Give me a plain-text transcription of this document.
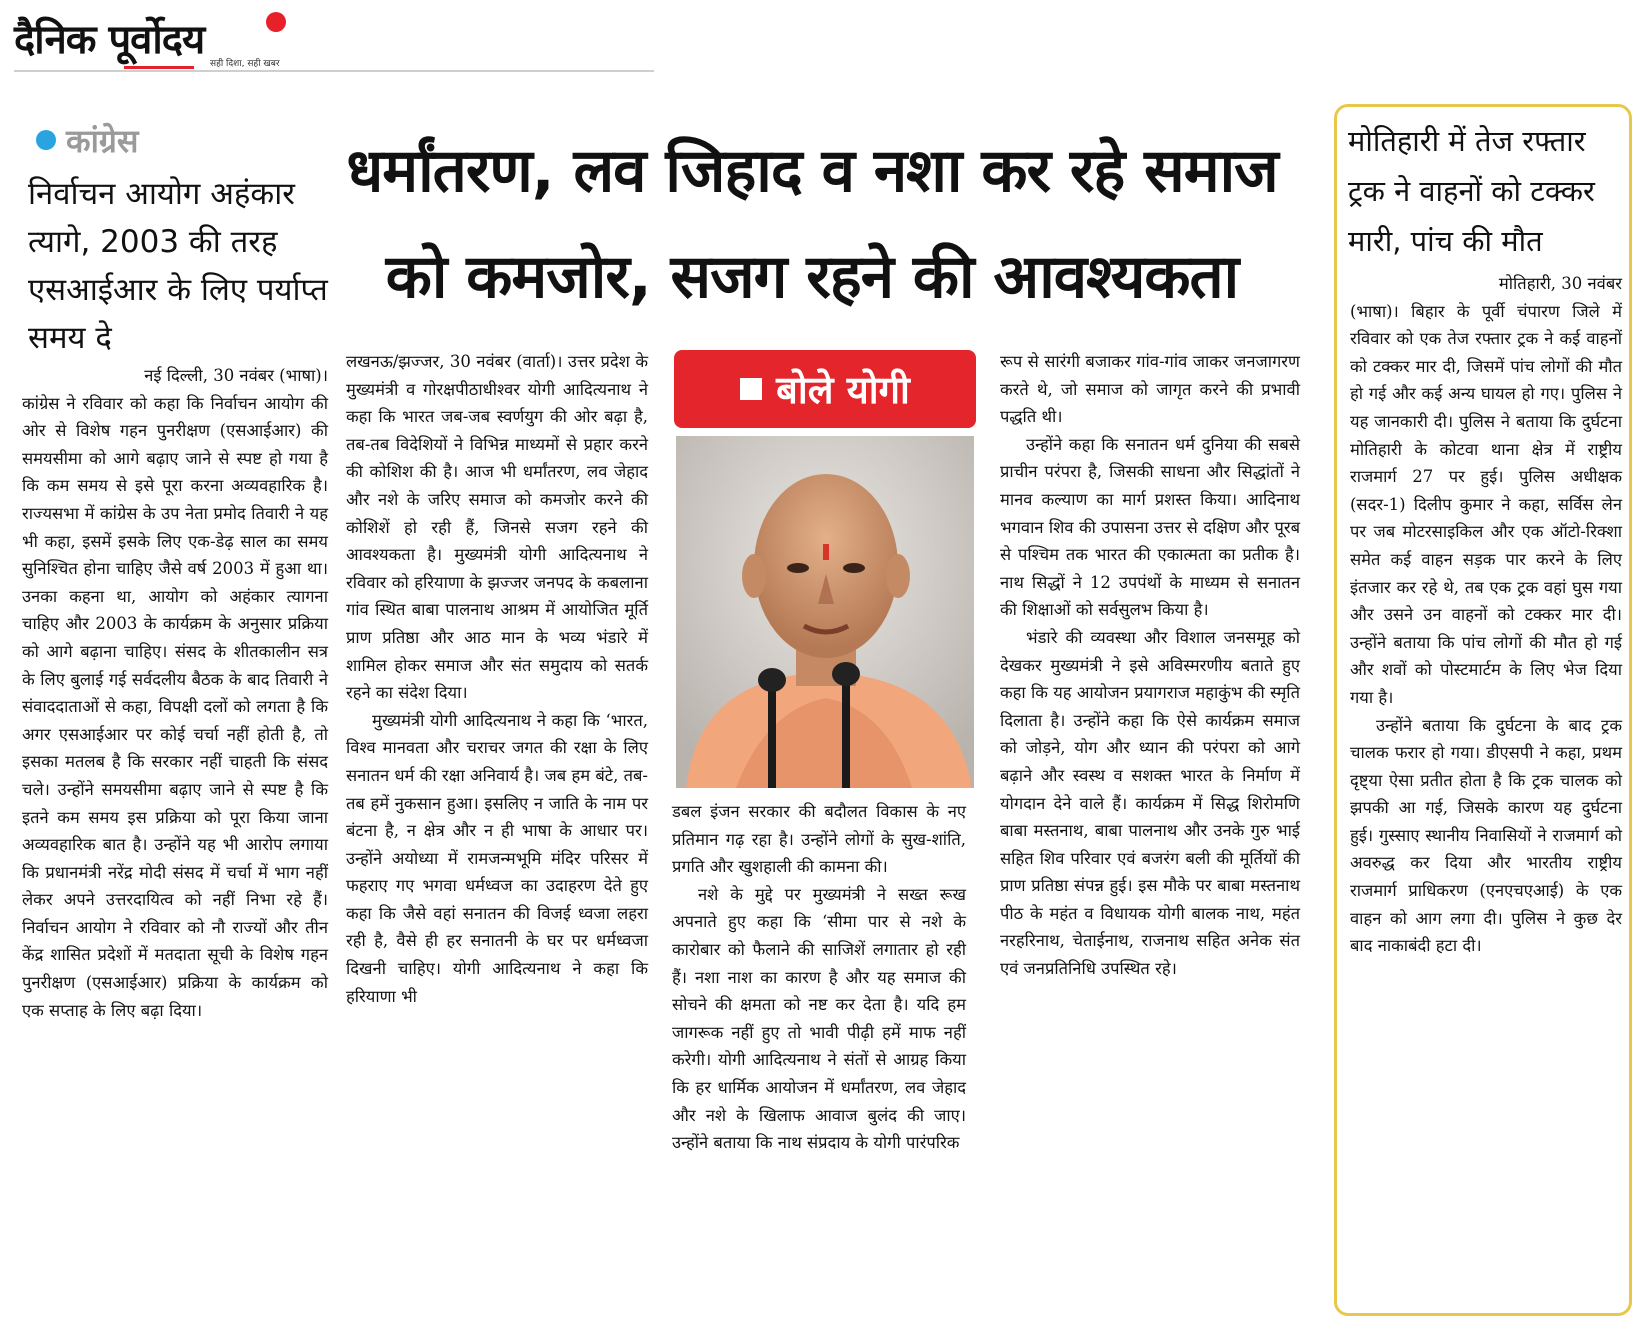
दैनिक पूर्वोदय
सही दिशा, सही खबर
कांग्रेस
निर्वाचन आयोग अहंकार त्यागे, 2003 की तरह एसआईआर के लिए पर्याप्त समय दे

नई दिल्ली, 30 नवंबर (भाषा)।

कांग्रेस ने रविवार को कहा कि निर्वाचन आयोग की ओर से विशेष गहन पुनरीक्षण (एसआईआर) की समयसीमा को आगे बढ़ाए जाने से स्पष्ट हो गया है कि कम समय से इसे पूरा करना अव्यवहारिक है। राज्यसभा में कांग्रेस के उप नेता प्रमोद तिवारी ने यह भी कहा, इसमें इसके लिए एक-डेढ़ साल का समय सुनिश्चित होना चाहिए जैसे वर्ष 2003 में हुआ था। उनका कहना था, आयोग को अहंकार त्यागना चाहिए और 2003 के कार्यक्रम के अनुसार प्रक्रिया को आगे बढ़ाना चाहिए। संसद के शीतकालीन सत्र के लिए बुलाई गई सर्वदलीय बैठक के बाद तिवारी ने संवाददाताओं से कहा, विपक्षी दलों को लगता है कि अगर एसआईआर पर कोई चर्चा नहीं होती है, तो इसका मतलब है कि सरकार नहीं चाहती कि संसद चले। उन्होंने समयसीमा बढ़ाए जाने से स्पष्ट है कि इतने कम समय इस प्रक्रिया को पूरा किया जाना अव्यवहारिक बात है। उन्होंने यह भी आरोप लगाया कि प्रधानमंत्री नरेंद्र मोदी संसद में चर्चा में भाग नहीं लेकर अपने उत्तरदायित्व को नहीं निभा रहे हैं। निर्वाचन आयोग ने रविवार को नौ राज्यों और तीन केंद्र शासित प्रदेशों में मतदाता सूची के विशेष गहन पुनरीक्षण (एसआईआर) प्रक्रिया के कार्यक्रम को एक सप्ताह के लिए बढ़ा दिया।

धर्मांतरण, लव जिहाद व नशा कर रहे समाज
को कमजोर, सजग रहने की आवश्यकता

लखनऊ/झज्जर, 30 नवंबर (वार्ता)। उत्तर प्रदेश के मुख्यमंत्री व गोरक्षपीठाधीश्वर योगी आदित्यनाथ ने कहा कि भारत जब-जब स्वर्णयुग की ओर बढ़ा है, तब-तब विदेशियों ने विभिन्न माध्यमों से प्रहार करने की कोशिश की है। आज भी धर्मांतरण, लव जेहाद और नशे के जरिए समाज को कमजोर करने की कोशिशें हो रही हैं, जिनसे सजग रहने की आवश्यकता है। मुख्यमंत्री योगी आदित्यनाथ ने रविवार को हरियाणा के झज्जर जनपद के कबलाना गांव स्थित बाबा पालनाथ आश्रम में आयोजित मूर्ति प्राण प्रतिष्ठा और आठ मान के भव्य भंडारे में शामिल होकर समाज और संत समुदाय को सतर्क रहने का संदेश दिया।

मुख्यमंत्री योगी आदित्यनाथ ने कहा कि ‘भारत, विश्व मानवता और चराचर जगत की रक्षा के लिए सनातन धर्म की रक्षा अनिवार्य है। जब हम बंटे, तब-तब हमें नुकसान हुआ। इसलिए न जाति के नाम पर बंटना है, न क्षेत्र और न ही भाषा के आधार पर। उन्होंने अयोध्या में रामजन्मभूमि मंदिर परिसर में फहराए गए भगवा धर्मध्वज का उदाहरण देते हुए कहा कि जैसे वहां सनातन की विजई ध्वजा लहरा रही है, वैसे ही हर सनातनी के घर पर धर्मध्वजा दिखनी चाहिए। योगी आदित्यनाथ ने कहा कि हरियाणा भी

बोले योगी

डबल इंजन सरकार की बदौलत विकास के नए प्रतिमान गढ़ रहा है। उन्होंने लोगों के सुख-शांति, प्रगति और खुशहाली की कामना की।

नशे के मुद्दे पर मुख्यमंत्री ने सख्त रूख अपनाते हुए कहा कि ‘सीमा पार से नशे के कारोबार को फैलाने की साजिशें लगातार हो रही हैं। नशा नाश का कारण है और यह समाज की सोचने की क्षमता को नष्ट कर देता है। यदि हम जागरूक नहीं हुए तो भावी पीढ़ी हमें माफ नहीं करेगी। योगी आदित्यनाथ ने संतों से आग्रह किया कि हर धार्मिक आयोजन में धर्मांतरण, लव जेहाद और नशे के खिलाफ आवाज बुलंद की जाए। उन्होंने बताया कि नाथ संप्रदाय के योगी पारंपरिक

रूप से सारंगी बजाकर गांव-गांव जाकर जनजागरण करते थे, जो समाज को जागृत करने की प्रभावी पद्धति थी।

उन्होंने कहा कि सनातन धर्म दुनिया की सबसे प्राचीन परंपरा है, जिसकी साधना और सिद्धांतों ने मानव कल्याण का मार्ग प्रशस्त किया। आदिनाथ भगवान शिव की उपासना उत्तर से दक्षिण और पूरब से पश्चिम तक भारत की एकात्मता का प्रतीक है। नाथ सिद्धों ने 12 उपपंथों के माध्यम से सनातन की शिक्षाओं को सर्वसुलभ किया है।

भंडारे की व्यवस्था और विशाल जनसमूह को देखकर मुख्यमंत्री ने इसे अविस्मरणीय बताते हुए कहा कि यह आयोजन प्रयागराज महाकुंभ की स्मृति दिलाता है। उन्होंने कहा कि ऐसे कार्यक्रम समाज को जोड़ने, योग और ध्यान की परंपरा को आगे बढ़ाने और स्वस्थ व सशक्त भारत के निर्माण में योगदान देने वाले हैं। कार्यक्रम में सिद्ध शिरोमणि बाबा मस्तनाथ, बाबा पालनाथ और उनके गुरु भाई सहित शिव परिवार एवं बजरंग बली की मूर्तियों की प्राण प्रतिष्ठा संपन्न हुई। इस मौके पर बाबा मस्तनाथ पीठ के महंत व विधायक योगी बालक नाथ, महंत नरहरिनाथ, चेताईनाथ, राजनाथ सहित अनेक संत एवं जनप्रतिनिधि उपस्थित रहे।

मोतिहारी में तेज रफ्तार ट्रक ने वाहनों को टक्कर मारी, पांच की मौत

मोतिहारी, 30 नवंबर

(भाषा)। बिहार के पूर्वी चंपारण जिले में रविवार को एक तेज रफ्तार ट्रक ने कई वाहनों को टक्कर मार दी, जिसमें पांच लोगों की मौत हो गई और कई अन्य घायल हो गए। पुलिस ने यह जानकारी दी। पुलिस ने बताया कि दुर्घटना मोतिहारी के कोटवा थाना क्षेत्र में राष्ट्रीय राजमार्ग 27 पर हुई। पुलिस अधीक्षक (सदर-1) दिलीप कुमार ने कहा, सर्विस लेन पर जब मोटरसाइकिल और एक ऑटो-रिक्शा समेत कई वाहन सड़क पार करने के लिए इंतजार कर रहे थे, तब एक ट्रक वहां घुस गया और उसने उन वाहनों को टक्कर मार दी। उन्होंने बताया कि पांच लोगों की मौत हो गई और शवों को पोस्टमार्टम के लिए भेज दिया गया है।

उन्होंने बताया कि दुर्घटना के बाद ट्रक चालक फरार हो गया। डीएसपी ने कहा, प्रथम दृष्ट्या ऐसा प्रतीत होता है कि ट्रक चालक को झपकी आ गई, जिसके कारण यह दुर्घटना हुई। गुस्साए स्थानीय निवासियों ने राजमार्ग को अवरुद्ध कर दिया और भारतीय राष्ट्रीय राजमार्ग प्राधिकरण (एनएचएआई) के एक वाहन को आग लगा दी। पुलिस ने कुछ देर बाद नाकाबंदी हटा दी।
